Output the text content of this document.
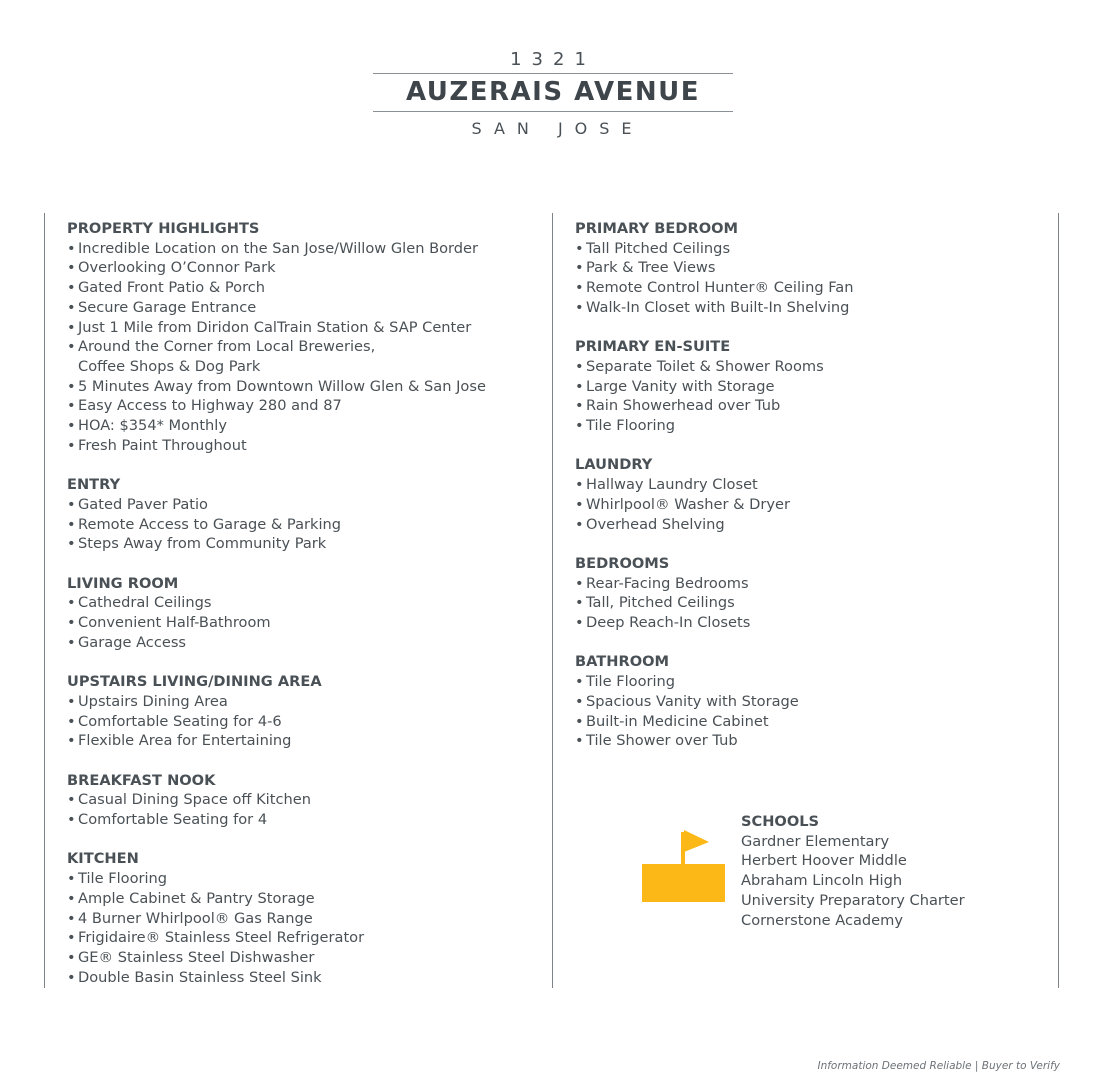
1321
AUZERAIS AVENUE
SAN JOSE
PROPERTY HIGHLIGHTS
• Incredible Location on the San Jose/Willow Glen Border
• Overlooking O’Connor Park
• Gated Front Patio & Porch
• Secure Garage Entrance
• Just 1 Mile from Diridon CalTrain Station & SAP Center
• Around the Corner from Local Breweries,
Coffee Shops & Dog Park
• 5 Minutes Away from Downtown Willow Glen & San Jose
• Easy Access to Highway 280 and 87
• HOA: $354* Monthly
• Fresh Paint Throughout
ENTRY
• Gated Paver Patio
• Remote Access to Garage & Parking
• Steps Away from Community Park
LIVING ROOM
• Cathedral Ceilings
• Convenient Half-Bathroom
• Garage Access
UPSTAIRS LIVING/DINING AREA
• Upstairs Dining Area
• Comfortable Seating for 4-6
• Flexible Area for Entertaining
BREAKFAST NOOK
• Casual Dining Space off Kitchen
• Comfortable Seating for 4
KITCHEN
• Tile Flooring
• Ample Cabinet & Pantry Storage
• 4 Burner Whirlpool® Gas Range
• Frigidaire® Stainless Steel Refrigerator
• GE® Stainless Steel Dishwasher
• Double Basin Stainless Steel Sink
PRIMARY BEDROOM
• Tall Pitched Ceilings
• Park & Tree Views
• Remote Control Hunter® Ceiling Fan
• Walk-In Closet with Built-In Shelving
PRIMARY EN-SUITE
• Separate Toilet & Shower Rooms
• Large Vanity with Storage
• Rain Showerhead over Tub
• Tile Flooring
LAUNDRY
• Hallway Laundry Closet
• Whirlpool® Washer & Dryer
• Overhead Shelving
BEDROOMS
• Rear-Facing Bedrooms
• Tall, Pitched Ceilings
• Deep Reach-In Closets
BATHROOM
• Tile Flooring
• Spacious Vanity with Storage
• Built-in Medicine Cabinet
• Tile Shower over Tub
SCHOOLS
Gardner Elementary
Herbert Hoover Middle
Abraham Lincoln High
University Preparatory Charter
Cornerstone Academy
Information Deemed Reliable | Buyer to Verify
